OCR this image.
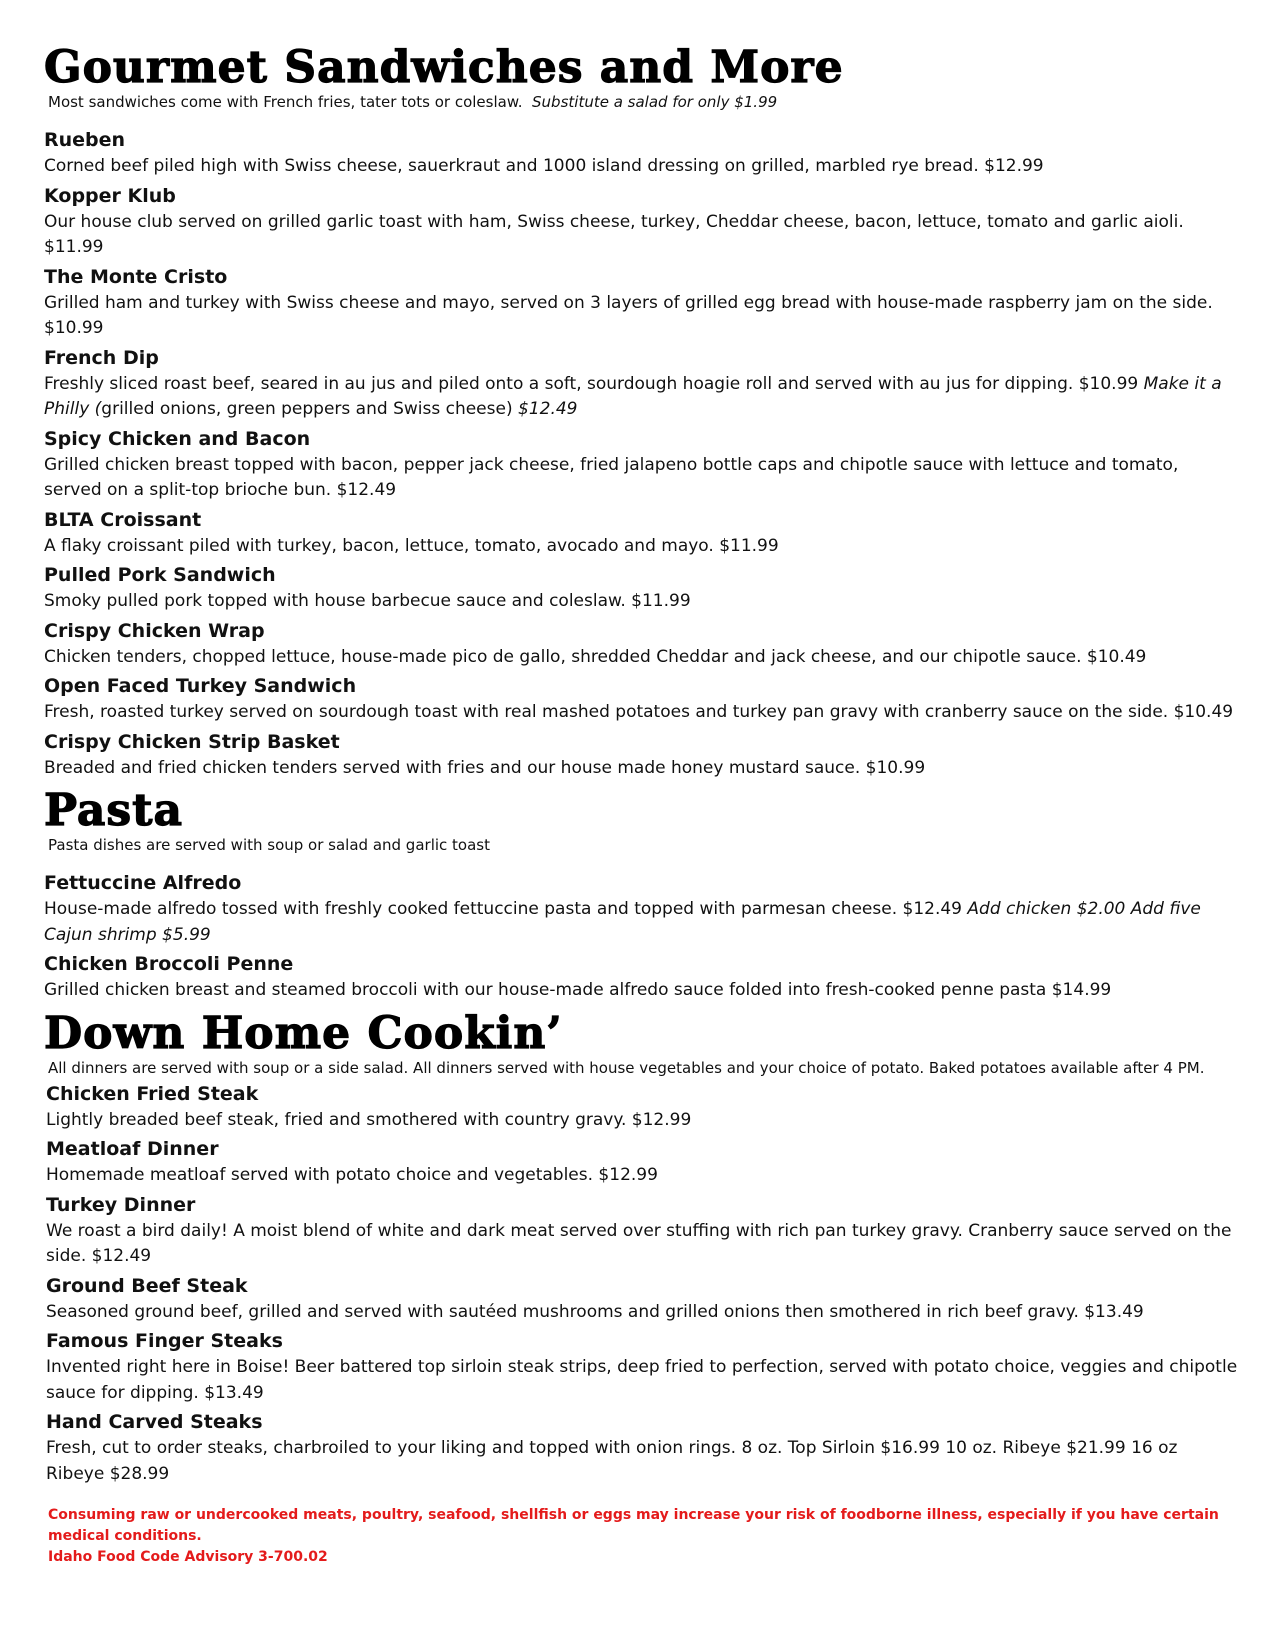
Gourmet Sandwiches and More

Most sandwiches come with French fries, tater tots or coleslaw. Substitute a salad for only $1.99

Rueben

Corned beef piled high with Swiss cheese, sauerkraut and 1000 island dressing on grilled, marbled rye bread. $12.99

Kopper Klub

Our house club served on grilled garlic toast with ham, Swiss cheese, turkey, Cheddar cheese, bacon, lettuce, tomato and garlic aioli. $11.99

The Monte Cristo

Grilled ham and turkey with Swiss cheese and mayo, served on 3 layers of grilled egg bread with house-made raspberry jam on the side. $10.99

French Dip

Freshly sliced roast beef, seared in au jus and piled onto a soft, sourdough hoagie roll and served with au jus for dipping. $10.99 Make it a Philly (grilled onions, green peppers and Swiss cheese) $12.49

Spicy Chicken and Bacon

Grilled chicken breast topped with bacon, pepper jack cheese, fried jalapeno bottle caps and chipotle sauce with lettuce and tomato, served on a split-top brioche bun. $12.49

BLTA Croissant

A flaky croissant piled with turkey, bacon, lettuce, tomato, avocado and mayo. $11.99

Pulled Pork Sandwich

Smoky pulled pork topped with house barbecue sauce and coleslaw. $11.99

Crispy Chicken Wrap

Chicken tenders, chopped lettuce, house-made pico de gallo, shredded Cheddar and jack cheese, and our chipotle sauce. $10.49

Open Faced Turkey Sandwich

Fresh, roasted turkey served on sourdough toast with real mashed potatoes and turkey pan gravy with cranberry sauce on the side. $10.49

Crispy Chicken Strip Basket

Breaded and fried chicken tenders served with fries and our house made honey mustard sauce. $10.99

Pasta

Pasta dishes are served with soup or salad and garlic toast

Fettuccine Alfredo

House-made alfredo tossed with freshly cooked fettuccine pasta and topped with parmesan cheese. $12.49 Add chicken $2.00 Add five Cajun shrimp $5.99

Chicken Broccoli Penne

Grilled chicken breast and steamed broccoli with our house-made alfredo sauce folded into fresh-cooked penne pasta $14.99

Down Home Cookin’

All dinners are served with soup or a side salad. All dinners served with house vegetables and your choice of potato. Baked potatoes available after 4 PM.

Chicken Fried Steak

Lightly breaded beef steak, fried and smothered with country gravy. $12.99

Meatloaf Dinner

Homemade meatloaf served with potato choice and vegetables. $12.99

Turkey Dinner

We roast a bird daily! A moist blend of white and dark meat served over stuffing with rich pan turkey gravy. Cranberry sauce served on the side. $12.49

Ground Beef Steak

Seasoned ground beef, grilled and served with sautéed mushrooms and grilled onions then smothered in rich beef gravy. $13.49

Famous Finger Steaks

Invented right here in Boise! Beer battered top sirloin steak strips, deep fried to perfection, served with potato choice, veggies and chipotle sauce for dipping. $13.49

Hand Carved Steaks

Fresh, cut to order steaks, charbroiled to your liking and topped with onion rings. 8 oz. Top Sirloin $16.99 10 oz. Ribeye $21.99 16 oz Ribeye $28.99

Consuming raw or undercooked meats, poultry, seafood, shellfish or eggs may increase your risk of foodborne illness, especially if you have certain medical conditions.
Idaho Food Code Advisory 3-700.02
